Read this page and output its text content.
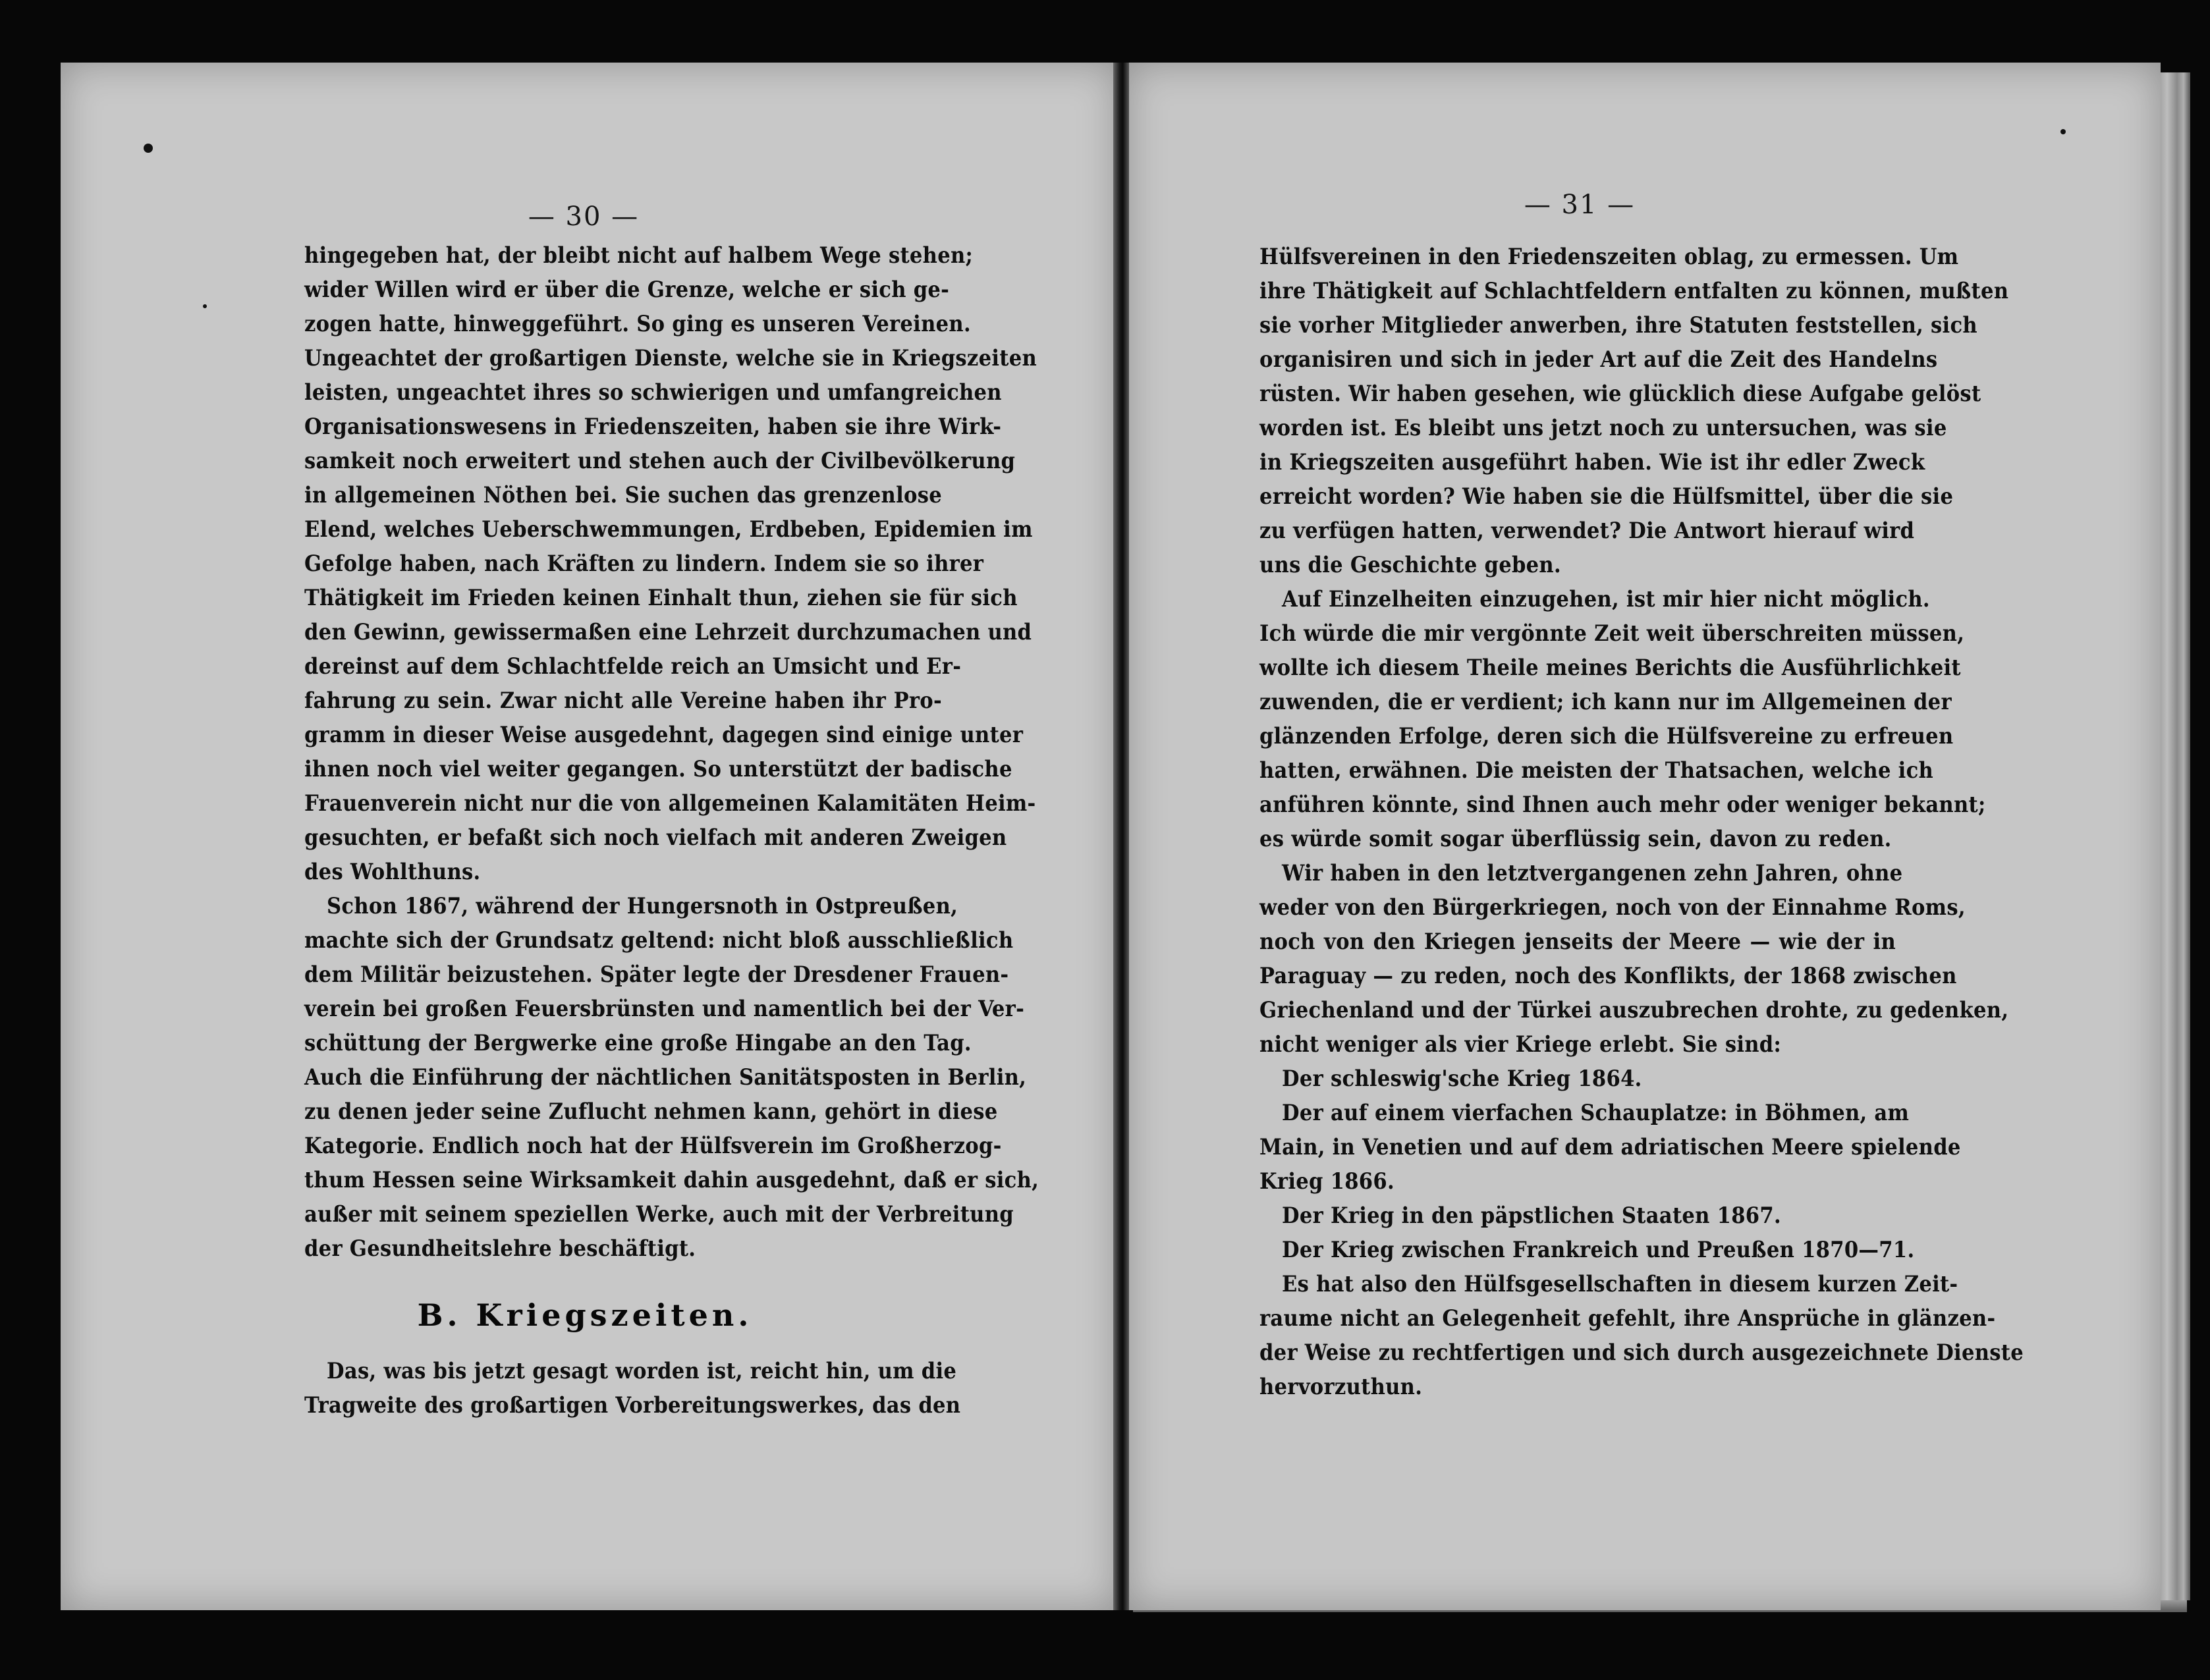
— 30 —
hingegeben hat, der bleibt nicht auf halbem Wege stehen;
wider Willen wird er über die Grenze, welche er sich ge-
zogen hatte, hinweggeführt. So ging es unseren Vereinen.
Ungeachtet der großartigen Dienste, welche sie in Kriegszeiten
leisten, ungeachtet ihres so schwierigen und umfangreichen
Organisationswesens in Friedenszeiten, haben sie ihre Wirk-
samkeit noch erweitert und stehen auch der Civilbevölkerung
in allgemeinen Nöthen bei. Sie suchen das grenzenlose
Elend, welches Ueberschwemmungen, Erdbeben, Epidemien im
Gefolge haben, nach Kräften zu lindern. Indem sie so ihrer
Thätigkeit im Frieden keinen Einhalt thun, ziehen sie für sich
den Gewinn, gewissermaßen eine Lehrzeit durchzumachen und
dereinst auf dem Schlachtfelde reich an Umsicht und Er-
fahrung zu sein. Zwar nicht alle Vereine haben ihr Pro-
gramm in dieser Weise ausgedehnt, dagegen sind einige unter
ihnen noch viel weiter gegangen. So unterstützt der badische
Frauenverein nicht nur die von allgemeinen Kalamitäten Heim-
gesuchten, er befaßt sich noch vielfach mit anderen Zweigen
des Wohlthuns.
Schon 1867, während der Hungersnoth in Ostpreußen,
machte sich der Grundsatz geltend: nicht bloß ausschließlich
dem Militär beizustehen. Später legte der Dresdener Frauen-
verein bei großen Feuersbrünsten und namentlich bei der Ver-
schüttung der Bergwerke eine große Hingabe an den Tag.
Auch die Einführung der nächtlichen Sanitätsposten in Berlin,
zu denen jeder seine Zuflucht nehmen kann, gehört in diese
Kategorie. Endlich noch hat der Hülfsverein im Großherzog-
thum Hessen seine Wirksamkeit dahin ausgedehnt, daß er sich,
außer mit seinem speziellen Werke, auch mit der Verbreitung
der Gesundheitslehre beschäftigt.
B. Kriegszeiten.
Das, was bis jetzt gesagt worden ist, reicht hin, um die
Tragweite des großartigen Vorbereitungswerkes, das den
— 31 —
Hülfsvereinen in den Friedenszeiten oblag, zu ermessen. Um
ihre Thätigkeit auf Schlachtfeldern entfalten zu können, mußten
sie vorher Mitglieder anwerben, ihre Statuten feststellen, sich
organisiren und sich in jeder Art auf die Zeit des Handelns
rüsten. Wir haben gesehen, wie glücklich diese Aufgabe gelöst
worden ist. Es bleibt uns jetzt noch zu untersuchen, was sie
in Kriegszeiten ausgeführt haben. Wie ist ihr edler Zweck
erreicht worden? Wie haben sie die Hülfsmittel, über die sie
zu verfügen hatten, verwendet? Die Antwort hierauf wird
uns die Geschichte geben.
Auf Einzelheiten einzugehen, ist mir hier nicht möglich.
Ich würde die mir vergönnte Zeit weit überschreiten müssen,
wollte ich diesem Theile meines Berichts die Ausführlichkeit
zuwenden, die er verdient; ich kann nur im Allgemeinen der
glänzenden Erfolge, deren sich die Hülfsvereine zu erfreuen
hatten, erwähnen. Die meisten der Thatsachen, welche ich
anführen könnte, sind Ihnen auch mehr oder weniger bekannt;
es würde somit sogar überflüssig sein, davon zu reden.
Wir haben in den letztvergangenen zehn Jahren, ohne
weder von den Bürgerkriegen, noch von der Einnahme Roms,
noch von den Kriegen jenseits der Meere — wie der in
Paraguay — zu reden, noch des Konflikts, der 1868 zwischen
Griechenland und der Türkei auszubrechen drohte, zu gedenken,
nicht weniger als vier Kriege erlebt. Sie sind:
Der schleswig'sche Krieg 1864.
Der auf einem vierfachen Schauplatze: in Böhmen, am
Main, in Venetien und auf dem adriatischen Meere spielende
Krieg 1866.
Der Krieg in den päpstlichen Staaten 1867.
Der Krieg zwischen Frankreich und Preußen 1870—71.
Es hat also den Hülfsgesellschaften in diesem kurzen Zeit-
raume nicht an Gelegenheit gefehlt, ihre Ansprüche in glänzen-
der Weise zu rechtfertigen und sich durch ausgezeichnete Dienste
hervorzuthun.
